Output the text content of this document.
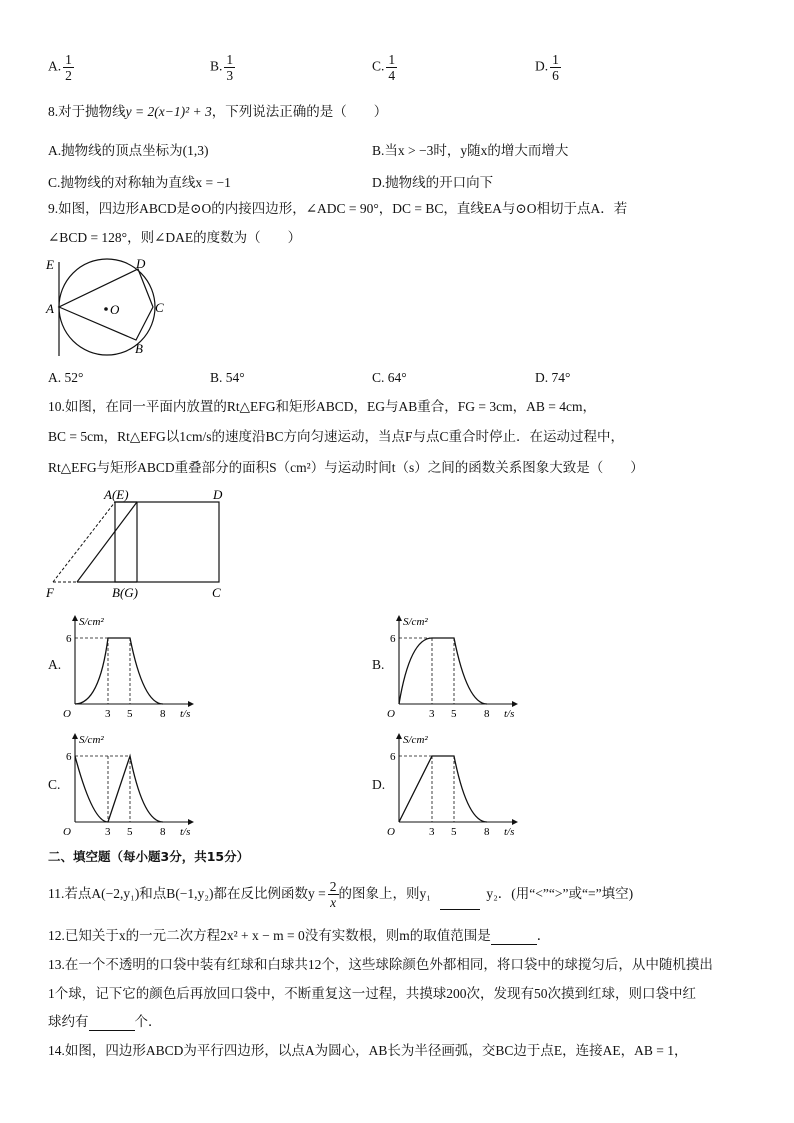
A. $\frac{1}{2}$	B. $\frac{1}{3}$	C. $\frac{1}{4}$	D. $\frac{1}{6}$
8.对于抛物线y = 2(x−1)² + 3，下列说法正确的是（　　）
A.抛物线的顶点坐标为(1,3)	B.当x > −3时，y随x的增大而增大
C.抛物线的对称轴为直线x = −1	D.抛物线的开口向下
9.如图，四边形ABCD是⊙O的内接四边形，∠ADC = 90°，DC = BC，直线EA与⊙O相切于点A．若
∠BCD = 128°，则∠DAE的度数为（　　）
E	D
A	O	C
B
A. 52°	B. 54°	C. 64°	D. 74°
10.如图，在同一平面内放置的Rt△EFG和矩形ABCD，EG与AB重合，FG = 3cm，AB = 4cm，
BC = 5cm，Rt△EFG以1cm/s的速度沿BC方向匀速运动，当点F与点C重合时停止．在运动过程中，
Rt△EFG与矩形ABCD重叠部分的面积S（cm²）与运动时间t（s）之间的函数关系图象大致是（　　）
A(E)	D
F	B(G)	C
A.	B.
C.	D.
S/cm²
6
O	3 5	8 t/s
S/cm²
6
O	3 5	8 t/s
S/cm²
6
O	3 5	8 t/s
S/cm²
6
O	3 5	8 t/s
二、填空题（每小题3分，共15分）
11.若点A(−2,y₁)和点B(−1,y₂)都在反比例函数$y = \frac{2}{x}$ 的图象上，则y₁	y₂．(用“<”“>”或“=”填空)
12.已知关于x的一元二次方程2x² + x − m = 0没有实数根，则m的取值范围是	．
13.在一个不透明的口袋中装有红球和白球共12个，这些球除颜色外都相同，将口袋中的球搅匀后，从中随机摸出
1个球，记下它的颜色后再放回口袋中，不断重复这一过程，共摸球200次，发现有50次摸到红球，则口袋中红
球约有	个．
14.如图，四边形ABCD为平行四边形，以点A为圆心，AB长为半径画弧，交BC边于点E，连接AE，AB = 1，
